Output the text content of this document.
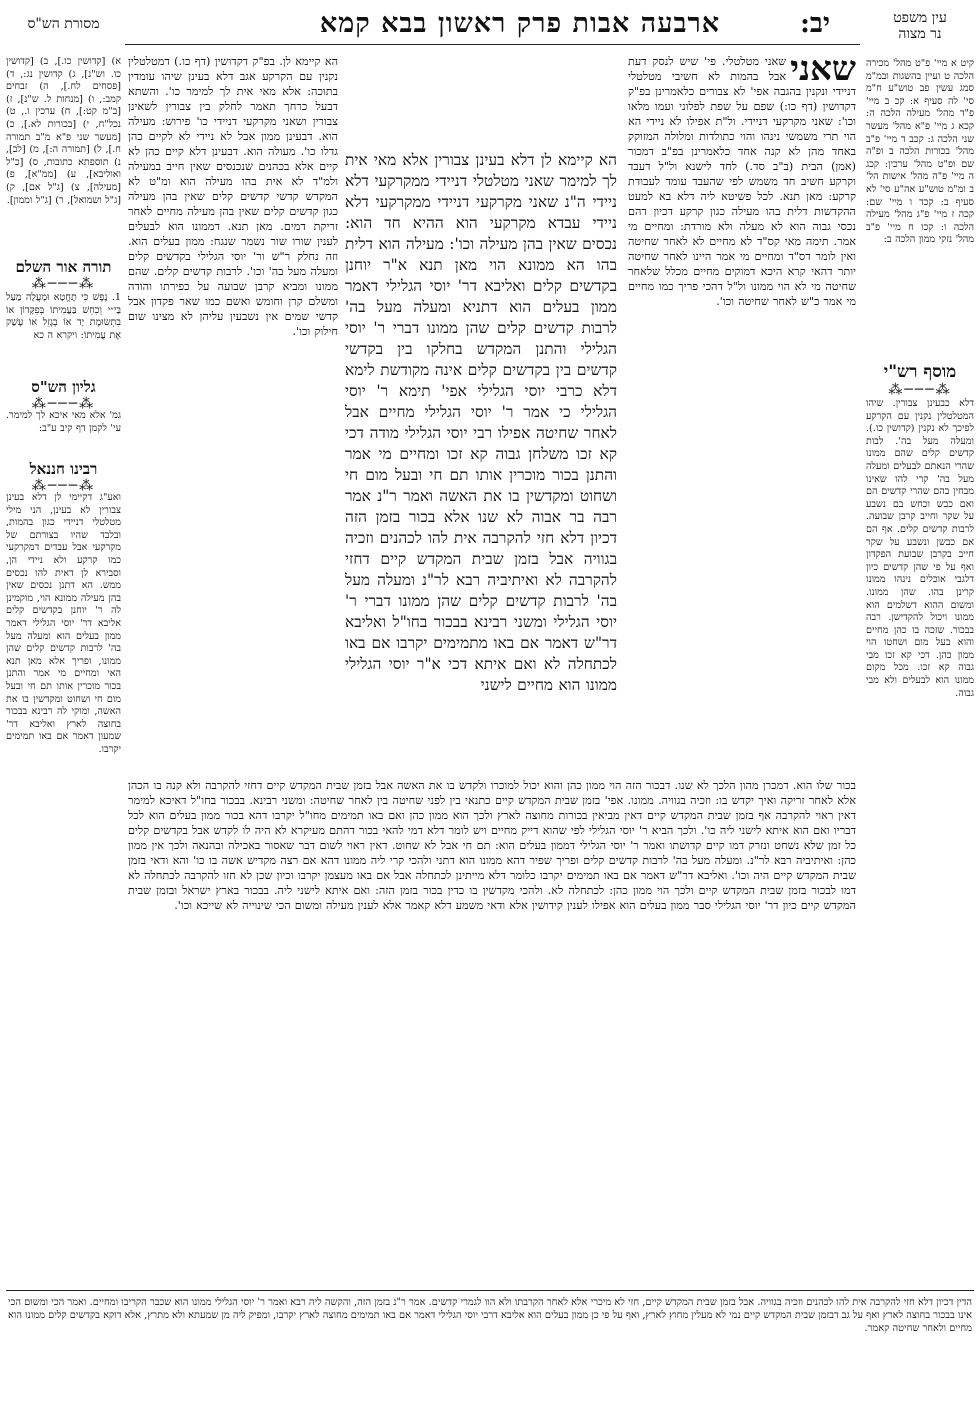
עין משפט
נר מצוה
יב:
ארבעה אבות פרק ראשון בבא קמא
מסורת הש"ס
קיט א מיי' פ"ט מהל' מכירה הלכה ט ועיין בהשגות ובמ"מ סמג עשין פב טוש"ע ח"מ סי' לה סעיף א: קכ ב מיי' פ"ד מהל' מעילה הלכה ה: קכא ג מיי' פ"א מהל' מעשר שני הלכה ג: קכב ד מיי' פ"ב מהל' בכורות הלכה ב ופ"ה שם ופ"ט מהל' ערכין: קכג ה מיי' פ"ה מהל' אישות הל' ב ומ"מ טוש"ע אה"ע סי' לא סעיף ב: קכד ו מיי' שם: קכה ז מיי' פ"ג מהל' מעילה הלכה ו: קכו ח מיי' פ"ב מהל' נזקי ממון הלכה ב:
מוסף רש"י
⁂───⁂
דלא כבעינן צבורין. שיהו המטלטלין נקנין עם הקרקע לפיכך לא נקנין (קדושין כו.). ומעלה מעל בה'. לבות קדשים קלים שהם ממונו שהרי הנאתם לבעלים ומעלה מעל בה' קרי להו שאינו מבחין בהם שהרי קדשים הם ואם כבש וכחש בם נשבע על שקר וחייב קרבן שבועה. לרבות קדשים קלים. אף הם אם כבשן ונשבע על שקר חייב בקרבן שבועת הפקדון ואף על פי שהן קדשים כיון דלגבי אוכלים נינהו ממונו קרינן בהו. שהן ממונו. ומשום ההוא דשלמים הוא ממונו ויכול להקדישן. רבה בבכור. שזכה בו כהן מחיים והוא בעל מום ושחטו הוי ממון כהן. דכי קא זכו מבי גבוה קא זכו. מכל מקום ממונו הוא לבעלים ולא מבי גבוה.
א) [קדושין כו.], ב) [קדושין כו. וש"נ], ג) קדושין נג:, ד) [פסחים לח.], ה) זבחים קמב:, ו) [מנחות ל. ש"נ], ז) [ב"מ קט:], ח) ערכין ו., ט) נכל"ח, י) [בכורות לא.], כ) [מעשר שני פ"א מ"ב תמורה ח.], ל) [תמורה ה:], מ) [לב], נ) תוספתא כתובות, ס) [כ"ל ואוליבא], ע) [ממ"א], פ) [מעילה], צ) [ג"ל אם], ק) [ג"ל ושמואל], ר) [ג"ל וממון].
תורה אור השלם
⁂───⁂
1. נֶפֶשׁ כִּי תֶחֱטָא וּמָעֲלָה מַעַל בַּי״י וְכִחֵשׁ בַּעֲמִיתוֹ בְּפִקָּדוֹן אוֹ בִתְשׂוּמֶת יָד אוֹ בְגָזֵל אוֹ עָשַׁק אֶת עֲמִיתוֹ: ויקרא ה כא
גליון הש"ס
⁂───⁂
גמ' אלא מאי איכא לך למימר. עי' לקמן דף קיב ע"ב:
רבינו חננאל
⁂───⁂
ואע"ג דקיימי לן דלא בעינן צבורין לא בעינן, הני מילי מטלטלי דניידי כגון בהמות, ובלבד שהיו בצורתם של מקרקעי אבל עבדים דמקרקעי כמו קרקע ולא ניידי הן, וסבירא לן דאית להו נכסים ממש. הא דתנן נכסים שאין בהן מעילה ממונא הוי, מוקמינן לה ר' יוחנן בקדשים קלים אליבא דר' יוסי הגלילי דאמר ממון בעלים הוא ומעלה מעל בה' לרבות קדשים קלים שהן ממונו, ופריך אלא מאן תנא האי ומחיים מי אמר והתנן בכור מוכרין אותו תם חי ובעל מום חי ושחוט ומקדשין בו את האשה, ומוקי לה רבינא בבכור בחוצה לארץ ואליבא דר' שמעון דאמר אם באו תמימים יקרבו.
שאני
שאני מטלטלי. פי' שיש לנסק דעת אבל בהמות לא חשיבי מטלטלי דניידי ונקנין בהגבה אפי' לא צבורים כלאמרינן בפ"ק דקדושין (דף כו:) שפם על שפת לפלוני ועמו מלאו וכו': שאני מקרקעי דניידי. ול"ת אפילו לא ניידי הא הוי תרי משמשי נינהו והוי כתולדות ומלולה המזוקק באחד מהן לא קנה אחד כלאמרינן בפ"ב דמכור (אמן) הבית (ב"ב סד.) לחד לישנא ול"ל דעבד וקרקע חשיב חד משמש לפי שהעבד עומד לעבודת קרקע: מאן תנא. לכל פשיטא ליה דלא בא למעט ההקדשות דלית בהו מעילה כגון קרקע דכיון דהם נכסי גבוה הוא לא מעלה ולא מורדת: ומחיים מי אמר. תימה מאי קס"ד לא מחיים לא לאחר שחיטה ואין לומר דס"ד ומחיים מי אמר היינו לאחר שחיטה יותר דהאי קרא היכא דמוקים מחיים מכלל שלאחר שחיטה מי לא הוי ממונו ול"ל דהכי פריך כמו מחיים מי אמר כ"ש לאחר שחיטה וכו'.
הא קיימא לן דלא בעינן צבורין אלא מאי אית לך למימר שאני מטלטלי דניידי ממקרקעי דלא ניידי ה"נ שאני מקרקעי דניידי ממקרקעי דלא ניידי עבדא מקרקעי הוא ההיא חד הוא: נכסים שאין בהן מעילה וכו': מעילה הוא דלית בהו הא ממונא הוי מאן תנא א"ר יוחנן בקדשים קלים ואליבא דר' יוסי הגלילי דאמר ממון בעלים הוא דתניא ומעלה מעל בה' לרבות קדשים קלים שהן ממונו דברי ר' יוסי הגלילי והתנן המקדש בחלקו בין בקדשי קדשים בין בקדשים קלים אינה מקודשת לימא דלא כרבי יוסי הגלילי אפי' תימא ר' יוסי הגלילי כי אמר ר' יוסי הגלילי מחיים אבל לאחר שחיטה אפילו רבי יוסי הגלילי מודה דכי קא זכו משלחן גבוה קא זכו ומחיים מי אמר והתנן בכור מוכרין אותו תם חי ובעל מום חי ושחוט ומקדשין בו את האשה ואמר ר"נ אמר רבה בר אבוה לא שנו אלא בכור בזמן הזה דכיון דלא חזי להקרבה אית להו לכהנים וזכיה בגוויה אבל בזמן שבית המקדש קיים דחזי להקרבה לא ואיתיביה רבא לר"נ ומעלה מעל בה' לרבות קדשים קלים שהן ממונו דברי ר' יוסי הגלילי ומשני רבינא בבכור בחו"ל ואליבא דר"ש דאמר אם באו מתמימים יקרבו אם באו לכתחלה לא ואם איתא דכי א"ר יוסי הגלילי ממונו הוא מחיים לישני
הא קיימא לן. בפ"ק דקדושין (דף כו.) דמטלטלין נקנין עם הקרקע אגב דלא בעינן שיהו עומדין בתוכה: אלא מאי אית לך למימר כו'. והשתא דבעל כרחך תאמר לחלק בין צבורין לשאינן צבורין ושאני מקרקעי דניידי כו' פירוש: מעילה הוא. דבעינן ממון אבל לא ניידי לא לקיים כהן גדלו כו'. מעולה הוא. דבעינן דלא קיים כהן לא קיים אלא בכהנים שנכנסים שאין חייב במעילה ולמ"ד לא אית בהו מעילה הוא ומ"ט לא המקדש קדשי קדשים קלים שאין בהן מעילה כגון קדשים קלים שאין בהן מעילה מחיים לאחר זריקת דמים. מאן תנא. דממונו הוא לבעלים לענין שורו שור נשמר שנגח: ממון בעלים הוא. וזה נחלק ר"ש ור' יוסי הגלילי בקדשים קלים ומעלה מעל בה' וכו'. לרבות קדשים קלים. שהם ממונו ומביא קרבן שבועה על כפירתו והודה ומשלם קרן וחומש ואשם כמו שאר פקדון אבל קדשי שמים אין נשבעין עליהן לא מצינו שום חילוק וכו'.
בכור שלו הוא. דמכרן מהון הלכך לא שנו. דבכור הזה הוי ממון כהן והוא יכול למוכרו ולקדש בו את האשה אבל בזמן שבית המקדש קיים דחזי להקרבה ולא קנה בו הכהן אלא לאחר זריקה ואיך יקדש בו: וזכיה בגוויה. ממונו. אפי' בזמן שבית המקדש קיים כתנאי בין לפני שחיטה בין לאחר שחיטה: ומשני רבינא. בבכור בחו"ל דאיכא למימר דאין ראוי להקרבה אף בזמן שבית המקדש קיים דאין מביאין בכורות מחוצה לארץ ולכך הוא ממון כהן ואם באו תמימים מחו"ל יקרבו דהא בכור ממון בעלים הוא לכל דבריו ואם הוא איתא לישני ליה כו'. ולכך הביא ר' יוסי הגלילי לפי שהוא דייק מחיים ויש לומר דלא דמי להאי בכור דהתם מעיקרא לא היה לו לקדש אבל בקדשים קלים כל זמן שלא נשחט ונזרק דמו קיים קדושתו ואמר ר' יוסי הגלילי דממון בעלים הוא: תם חי אבל לא שחוט. דאין ראוי לשום דבר שאסור באכילה ובהנאה ולכך אין ממון כהן: ואיתיביה רבא לר"נ. ומעלה מעל בה' לרבות קדשים קלים ופריך שפיר דהא ממונו הוא דתני ולהכי קרי ליה ממונו דהא אם רצה מקדיש אשה בו כו' והא ודאי בזמן שבית המקדש קיים היה וכו'. ואליבא דר"ש דאמר אם באו תמימים יקרבו כלומר דלא מייתינן לכתחלה אבל אם באו מעצמן יקרבו וכיון שכן לא חזו להקרבה לכתחלה לא דמו לבכור בזמן שבית המקדש קיים ולכך הוי ממון כהן: לכתחלה לא. ולהכי מקדשין בו כדין בכור בזמן הזה: ואם איתא לישני ליה. בבכור בארץ ישראל ובזמן שבית המקדש קיים כיון דר' יוסי הגלילי סבר ממון בעלים הוא אפילו לענין קידושין אלא ודאי משמע דלא קאמר אלא לענין מעילה ומשום הכי שינוייה לא שייכא וכו'.
הדין דכיון דלא חזי להקרבה אית להו לכהנים וזכיה בגוויה. אבל בזמן שבית המקדש קיים, חזי לא מיכרי אלא לאחר הקרבתו ולא הוו לגמרי קדשים. אמר ר"נ בזמן הזה, והקשה ליה רבא ואמר ר' יוסי הגלילי ממונו הוא שכבר הקריבו ומחיים. ואמר הכי ומשום הכי אינו בבכור בחוצה לארץ ואף על גב דבזמן שבית המקדש קיים נמי לא מעלין מחוץ לארץ, ואף על פי כן ממון בעלים הוא אליבא דרבי יוסי הגלילי דאמר אם באו תמימים מחוצה לארץ יקרבו, ומפיק ליה מן שמעתא ולא מתרץ, אלא דוקא בקדשים קלים ממונו הוא מחיים ולאחר שחיטה קאמר.
